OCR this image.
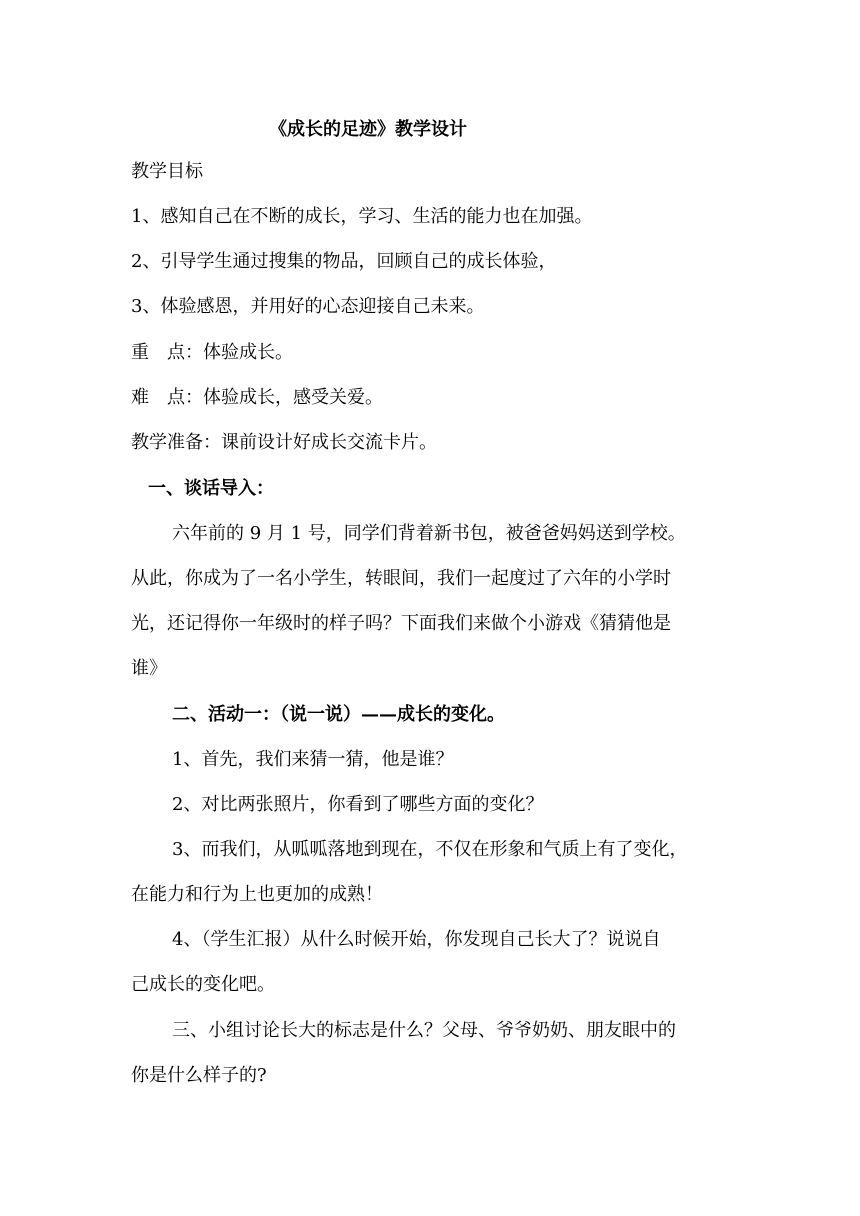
《成长的足迹》教学设计

教学目标

1、感知自己在不断的成长，学习、生活的能力也在加强。

2、引导学生通过搜集的物品，回顾自己的成长体验，

3、体验感恩，并用好的心态迎接自己未来。

重　点：体验成长。

难　点：体验成长，感受关爱。

教学准备：课前设计好成长交流卡片。

一、谈话导入：

六年前的 9 月 1 号，同学们背着新书包，被爸爸妈妈送到学校。

从此，你成为了一名小学生，转眼间，我们一起度过了六年的小学时

光，还记得你一年级时的样子吗？下面我们来做个小游戏《猜猜他是

谁》

二、活动一：（说一说）——成长的变化。

1、首先，我们来猜一猜，他是谁？

2、对比两张照片，你看到了哪些方面的变化？

3、而我们，从呱呱落地到现在，不仅在形象和气质上有了变化，

在能力和行为上也更加的成熟！

4、（学生汇报）从什么时候开始，你发现自己长大了？说说自

己成长的变化吧。

三、小组讨论长大的标志是什么？父母、爷爷奶奶、朋友眼中的

你是什么样子的?
